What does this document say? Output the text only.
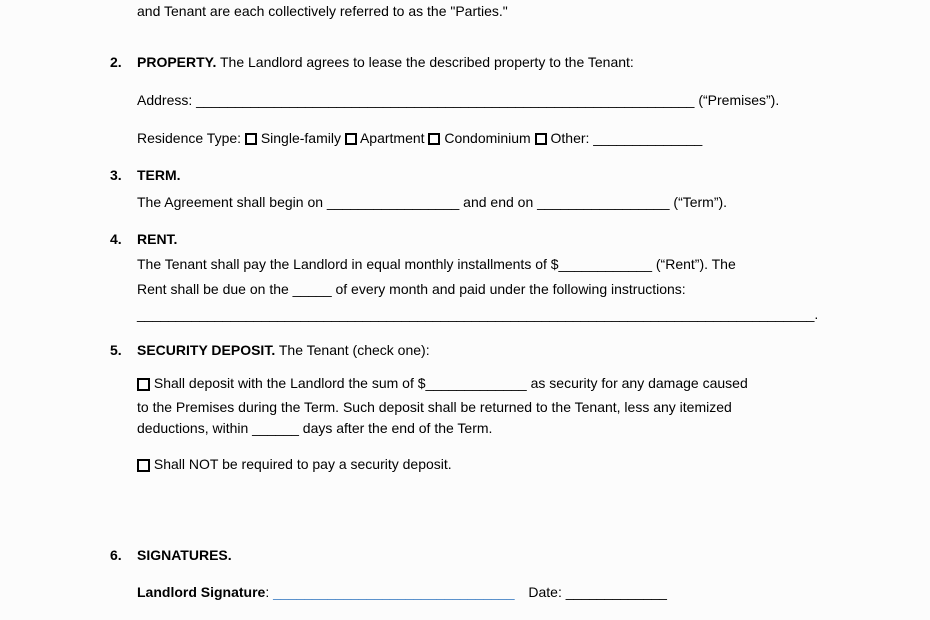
and Tenant are each collectively referred to as the "Parties."
2. PROPERTY. The Landlord agrees to lease the described property to the Tenant:
Address: ________________________________________________________________ (“Premises”).
Residence Type: Single-family Apartment Condominium Other: ______________
3. TERM.
The Agreement shall begin on _________________ and end on _________________ (“Term”).
4. RENT.
The Tenant shall pay the Landlord in equal monthly installments of $____________ (“Rent”). The
Rent shall be due on the _____ of every month and paid under the following instructions:
_______________________________________________________________________________________.
5. SECURITY DEPOSIT. The Tenant (check one):
Shall deposit with the Landlord the sum of $_____________ as security for any damage caused
to the Premises during the Term. Such deposit shall be returned to the Tenant, less any itemized
deductions, within ______ days after the end of the Term.
Shall NOT be required to pay a security deposit.
6. SIGNATURES.
Landlord Signature: _______________________________ Date: _____________
